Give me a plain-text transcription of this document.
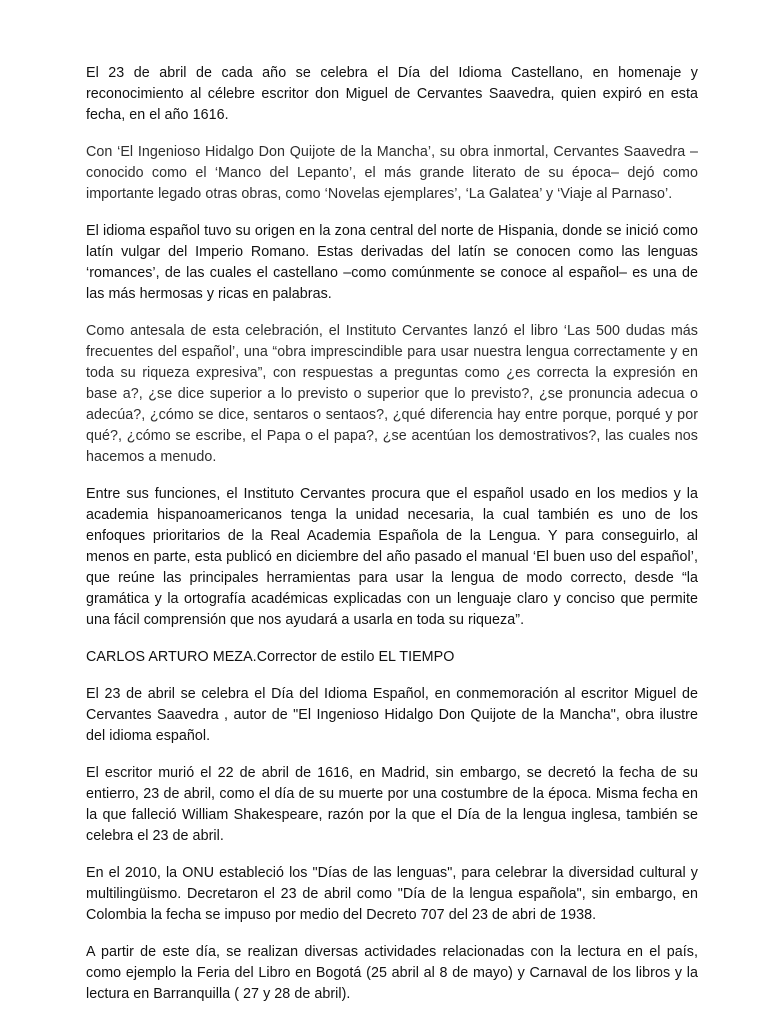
El 23 de abril de cada año se celebra el Día del Idioma Castellano, en homenaje y reconocimiento al célebre escritor don Miguel de Cervantes Saavedra, quien expiró en esta fecha, en el año 1616.

Con ‘El Ingenioso Hidalgo Don Quijote de la Mancha’, su obra inmortal, Cervantes Saavedra –conocido como el ‘Manco del Lepanto’, el más grande literato de su época– dejó como importante legado otras obras, como ‘Novelas ejemplares’, ‘La Galatea’ y ‘Viaje al Parnaso’.

El idioma español tuvo su origen en la zona central del norte de Hispania, donde se inició como latín vulgar del Imperio Romano. Estas derivadas del latín se conocen como las lenguas ‘romances’, de las cuales el castellano –como comúnmente se conoce al español– es una de las más hermosas y ricas en palabras.

Como antesala de esta celebración, el Instituto Cervantes lanzó el libro ‘Las 500 dudas más frecuentes del español’, una “obra imprescindible para usar nuestra lengua correctamente y en toda su riqueza expresiva”, con respuestas a preguntas como ¿es correcta la expresión en base a?, ¿se dice superior a lo previsto o superior que lo previsto?, ¿se pronuncia adecua o adecúa?, ¿cómo se dice, sentaros o sentaos?, ¿qué diferencia hay entre porque, porqué y por qué?, ¿cómo se escribe, el Papa o el papa?, ¿se acentúan los demostrativos?, las cuales nos hacemos a menudo.

Entre sus funciones, el Instituto Cervantes procura que el español usado en los medios y la academia hispanoamericanos tenga la unidad necesaria, la cual también es uno de los enfoques prioritarios de la Real Academia Española de la Lengua. Y para conseguirlo, al menos en parte, esta publicó en diciembre del año pasado el manual ‘El buen uso del español’, que reúne las principales herramientas para usar la lengua de modo correcto, desde “la gramática y la ortografía académicas explicadas con un lenguaje claro y conciso que permite una fácil comprensión que nos ayudará a usarla en toda su riqueza”.

CARLOS ARTURO MEZA.Corrector de estilo EL TIEMPO

El 23 de abril se celebra el Día del Idioma Español, en conmemoración al escritor Miguel de Cervantes Saavedra , autor de "El Ingenioso Hidalgo Don Quijote de la Mancha", obra ilustre del idioma español.

El escritor murió el 22 de abril de 1616, en Madrid, sin embargo, se decretó la fecha de su entierro, 23 de abril, como el día de su muerte por una costumbre de la época. Misma fecha en la que falleció William Shakespeare, razón por la que el Día de la lengua inglesa, también se celebra el 23 de abril.

En el 2010, la ONU estableció los "Días de las lenguas", para celebrar la diversidad cultural y multilingüismo. Decretaron el 23 de abril como "Día de la lengua española", sin embargo, en Colombia la fecha se impuso por medio del Decreto 707 del 23 de abri de 1938.

A partir de este día, se realizan diversas actividades relacionadas con la lectura en el país, como ejemplo la Feria del Libro en Bogotá (25 abril al 8 de mayo) y Carnaval de los libros y la lectura en Barranquilla ( 27 y 28 de abril).
